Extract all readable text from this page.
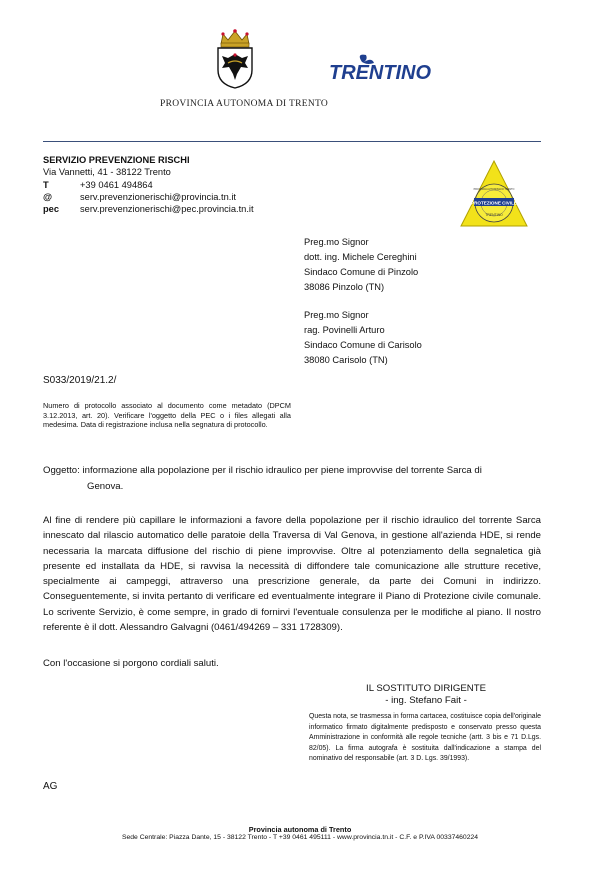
PROVINCIA AUTONOMA DI TRENTO
TRENTINO
SERVIZIO PREVENZIONE RISCHI
Via Vannetti, 41 - 38122 Trento
T	+39 0461 494864
@	serv.prevenzionerischi@provincia.tn.it
pec	serv.prevenzionerischi@pec.provincia.tn.it
PROTEZIONE CIVILE
TRENTINO
PROVINCIA AUTONOMA DI TRENTO
Preg.mo Signor
dott. ing. Michele Cereghini
Sindaco Comune di Pinzolo
38086 Pinzolo (TN)
Preg.mo Signor
rag. Povinelli Arturo
Sindaco Comune di Carisolo
38080 Carisolo (TN)
S033/2019/21.2/
Numero di protocollo associato al documento come metadato (DPCM 3.12.2013, art. 20). Verificare l'oggetto della PEC o i files allegati alla medesima. Data di registrazione inclusa nella segnatura di protocollo.
Oggetto: informazione alla popolazione per il rischio idraulico per piene improvvise del torrente Sarca di
Genova.
Al fine di rendere più capillare le informazioni a favore della popolazione per il rischio idraulico del torrente Sarca innescato dal rilascio automatico delle paratoie della Traversa di Val Genova, in gestione all'azienda HDE, si rende necessaria la marcata diffusione del rischio di piene improvvise. Oltre al potenziamento della segnaletica già presente ed installata da HDE, si ravvisa la necessità di diffondere tale comunicazione alle strutture recetive, specialmente ai campeggi, attraverso una prescrizione generale, da parte dei Comuni in indirizzo. Conseguentemente, si invita pertanto di verificare ed eventualmente integrare il Piano di Protezione civile comunale. Lo scrivente Servizio, è come sempre, in grado di fornirvi l'eventuale consulenza per le modifiche al piano. Il nostro referente è il dott. Alessandro Galvagni (0461/494269 – 331 1728309).
Con l'occasione si porgono cordiali saluti.
IL SOSTITUTO DIRIGENTE
- ing. Stefano Fait -
Questa nota, se trasmessa in forma cartacea, costituisce copia dell'originale informatico firmato digitalmente predisposto e conservato presso questa Amministrazione in conformità alle regole tecniche (artt. 3 bis e 71 D.Lgs. 82/05). La firma autografa è sostituita dall'indicazione a stampa del nominativo del responsabile (art. 3 D. Lgs. 39/1993).
AG
Provincia autonoma di Trento
Sede Centrale: Piazza Dante, 15 - 38122 Trento - T +39 0461 495111 - www.provincia.tn.it - C.F. e P.IVA 00337460224
